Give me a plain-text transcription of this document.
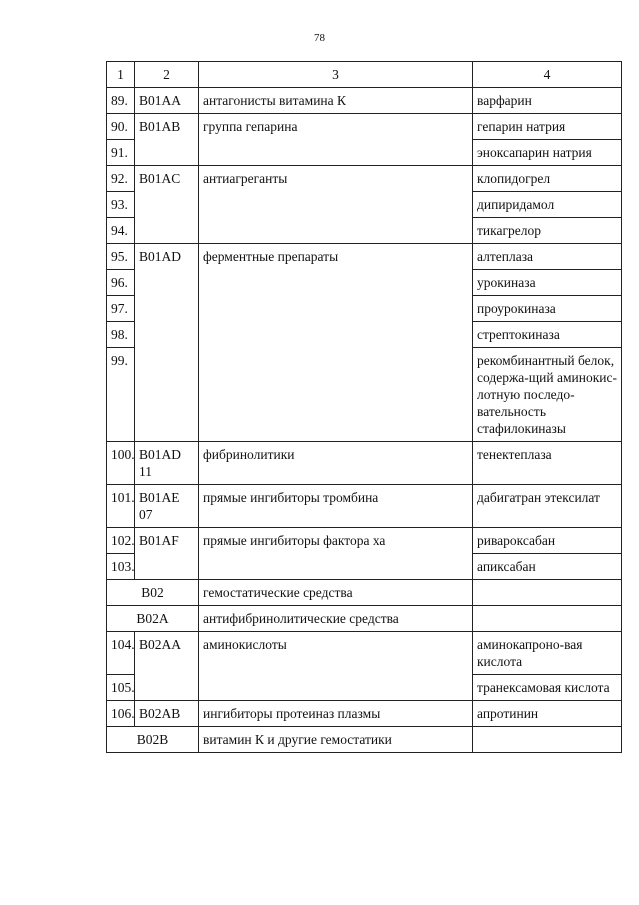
78
1	2	3	4
89.	B01AA	антагонисты витамина К	варфарин
90.	B01AB	группа гепарина	гепарин натрия
91.			эноксапарин натрия
92.	B01AC	антиагреганты	клопидогрел
93.			дипиридамол
94.			тикагрелор
95.	B01AD	ферментные препараты	алтеплаза
96.			урокиназа
97.			проурокиназа
98.			стрептокиназа
99.			рекомбинантный белок, содержа-щий аминокис-лотную последо-вательность стафилокиназы
100.	B01AD 11	фибринолитики	тенектеплаза
101.	B01AE 07	прямые ингибиторы тромбина	дабигатран этексилат
102.	B01AF	прямые ингибиторы фактора ха	ривароксабан
103.			апиксабан
B02		гемостатические средства	
B02A		антифибринолитические средства	
104.	B02AA	аминокислоты	аминокапроно-вая кислота
105.			транексамовая кислота
106.	B02AB	ингибиторы протеиназ плазмы	апротинин
B02B		витамин К и другие гемостатики	
